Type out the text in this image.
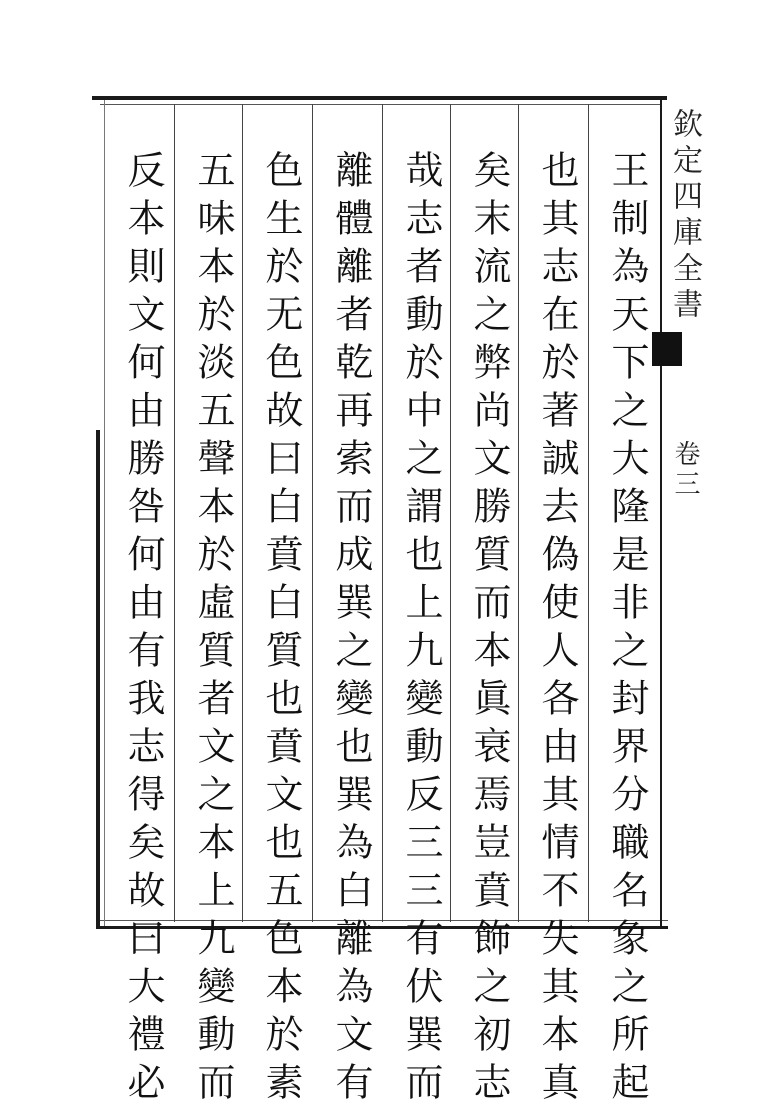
欽定四庫全書
卷三
王制為天下之大隆是非之封界分職名象之所起
也其志在於著誠去偽使人各由其情不失其本真
矣末流之弊尚文勝質而本眞衰焉豈賁飾之初志
哉志者動於中之謂也上九變動反三三有伏巽而
離體離者乾再索而成巽之變也巽為白離為文有
色生於无色故曰白賁白質也賁文也五色本於素
五味本於淡五聲本於虛質者文之本上九變動而
反本則文何由勝咎何由有我志得矣故曰大禮必
